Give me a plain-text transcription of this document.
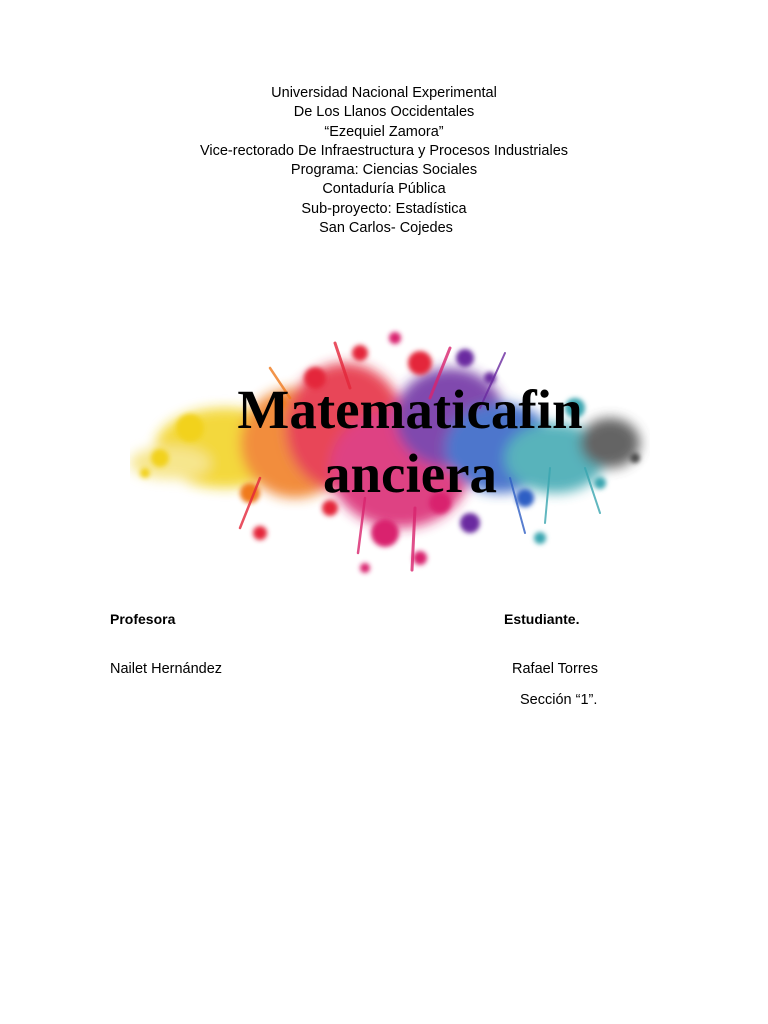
Universidad Nacional Experimental
De Los Llanos Occidentales
“Ezequiel Zamora”
Vice-rectorado De Infraestructura y Procesos Industriales
Programa: Ciencias Sociales
Contaduría Pública
Sub-proyecto: Estadística
San Carlos- Cojedes
Matematicafin
anciera
Profesora	Estudiante.
Nailet Hernández	Rafael Torres
Sección “1”.
